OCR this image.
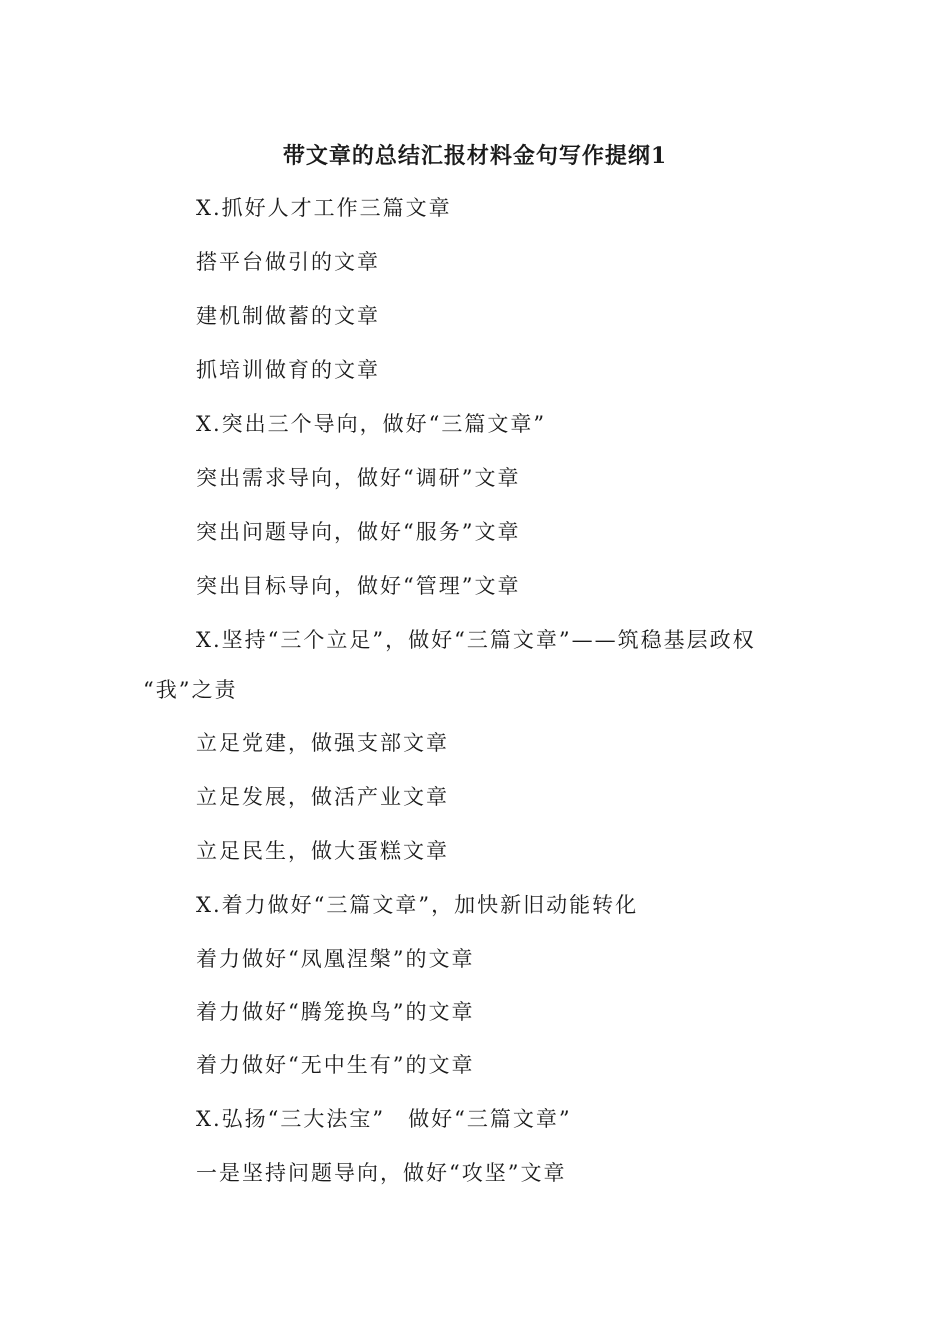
带文章的总结汇报材料金句写作提纲1
X.抓好人才工作三篇文章
搭平台做引的文章
建机制做蓄的文章
抓培训做育的文章
X.突出三个导向，做好“三篇文章”
突出需求导向，做好“调研”文章
突出问题导向，做好“服务”文章
突出目标导向，做好“管理”文章
X.坚持“三个立足”，做好“三篇文章”——筑稳基层政权
“我”之责
立足党建，做强支部文章
立足发展，做活产业文章
立足民生，做大蛋糕文章
X.着力做好“三篇文章”，加快新旧动能转化
着力做好“凤凰涅槃”的文章
着力做好“腾笼换鸟”的文章
着力做好“无中生有”的文章
X.弘扬“三大法宝”　做好“三篇文章”
一是坚持问题导向，做好“攻坚”文章
